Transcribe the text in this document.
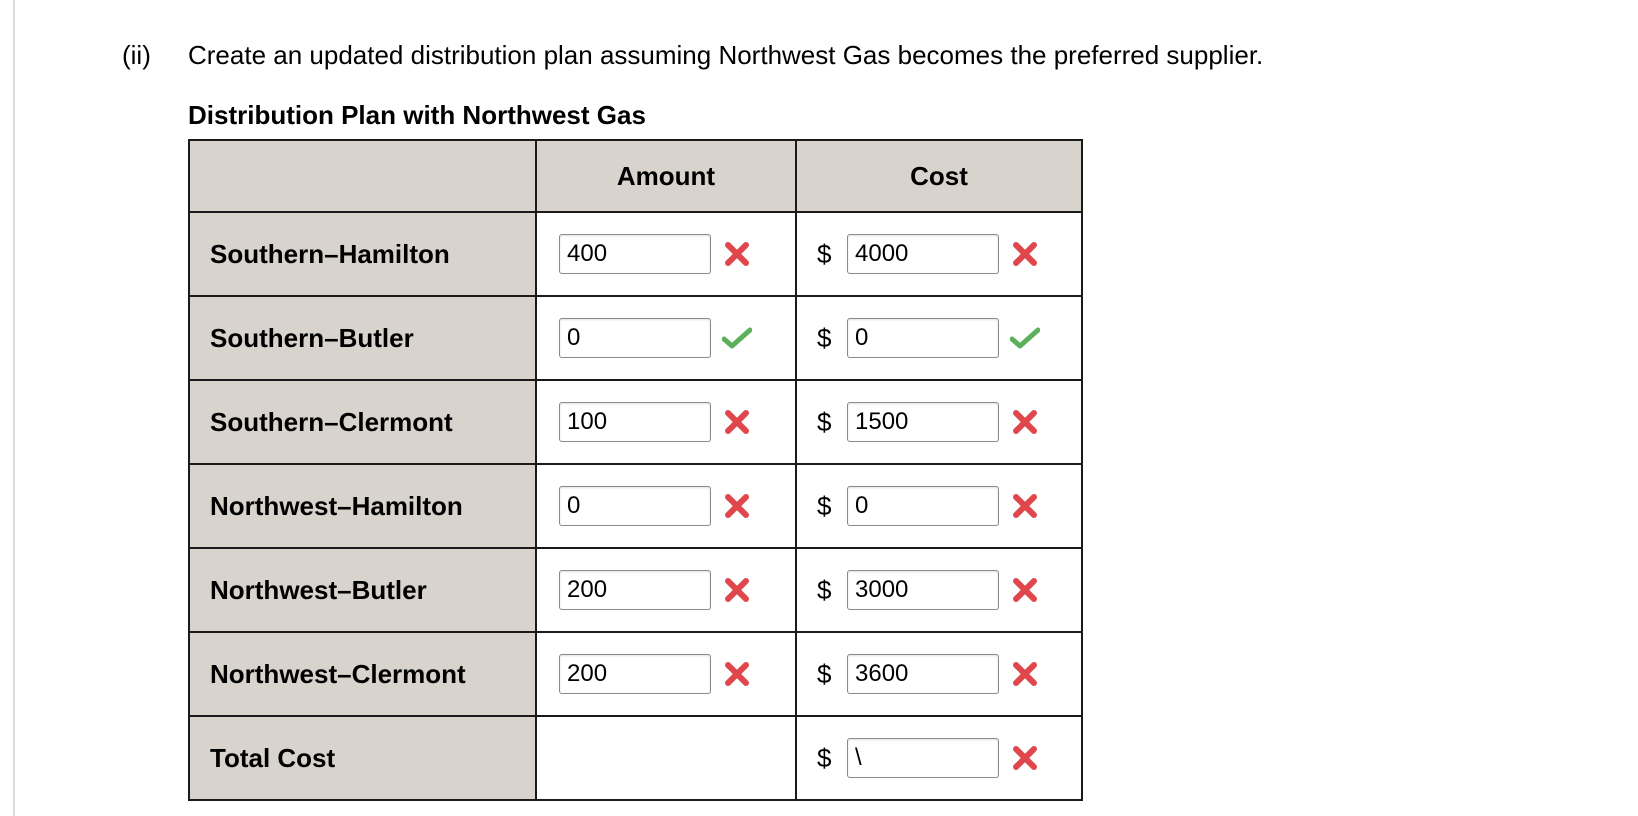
(ii) Create an updated distribution plan assuming Northwest Gas becomes the preferred supplier.
Distribution Plan with Northwest Gas
	Amount	Cost
Southern–Hamilton	400	$ 4000

Southern–Butler	0	$ 0

Southern–Clermont	100	$ 1500

Northwest–Hamilton	0	$ 0

Northwest–Butler	200	$ 3000

Northwest–Clermont	200	$ 3600

Total Cost		$ \
